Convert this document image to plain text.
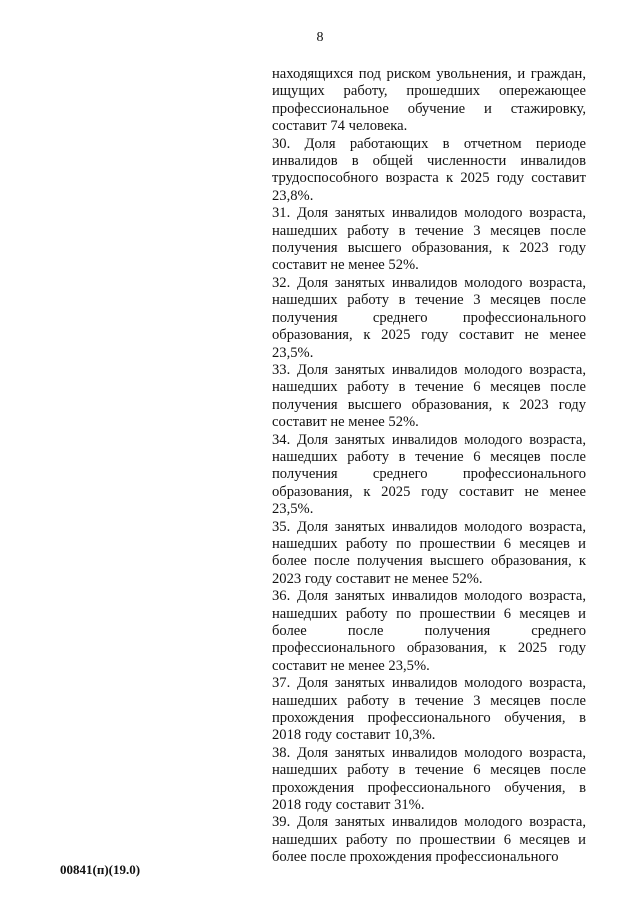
8

находящихся под риском увольнения, и граждан, ищущих работу, прошедших опережающее профессиональное обучение и стажировку, составит 74 человека.

30. Доля работающих в отчетном периоде инвалидов в общей численности инвалидов трудоспособного возраста к 2025 году составит 23,8%.

31. Доля занятых инвалидов молодого возраста, нашедших работу в течение 3 месяцев после получения высшего образования, к 2023 году составит не менее 52%.

32. Доля занятых инвалидов молодого возраста, нашедших работу в течение 3 месяцев после получения среднего профессионального образования, к 2025 году составит не менее 23,5%.

33. Доля занятых инвалидов молодого возраста, нашедших работу в течение 6 месяцев после получения высшего образования, к 2023 году составит не менее 52%.

34. Доля занятых инвалидов молодого возраста, нашедших работу в течение 6 месяцев после получения среднего профессионального образования, к 2025 году составит не менее 23,5%.

35. Доля занятых инвалидов молодого возраста, нашедших работу по прошествии 6 месяцев и более после получения высшего образования, к 2023 году составит не менее 52%.

36. Доля занятых инвалидов молодого возраста, нашедших работу по прошествии 6 месяцев и более после получения среднего профессионального образования, к 2025 году составит не менее 23,5%.

37. Доля занятых инвалидов молодого возраста, нашедших работу в течение 3 месяцев после прохождения профессионального обучения, в 2018 году составит 10,3%.

38. Доля занятых инвалидов молодого возраста, нашедших работу в течение 6 месяцев после прохождения профессионального обучения, в 2018 году составит 31%.

39. Доля занятых инвалидов молодого возраста, нашедших работу по прошествии 6 месяцев и более после прохождения профессионального

00841(п)(19.0)
